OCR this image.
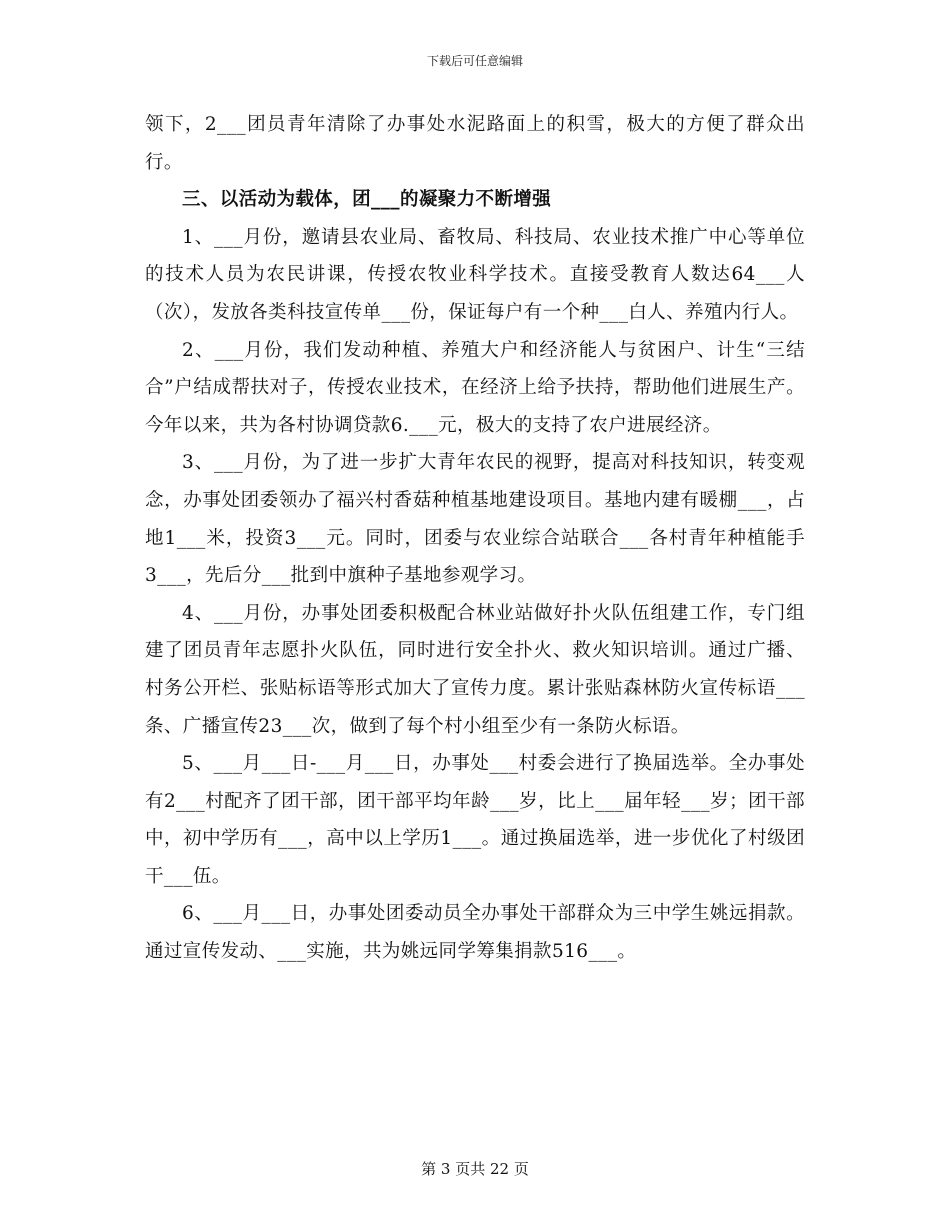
下载后可任意编辑

领下，2___团员青年清除了办事处水泥路面上的积雪，极大的方便了群众出行。

三、以活动为载体，团___的凝聚力不断增强

1、___月份，邀请县农业局、畜牧局、科技局、农业技术推广中心等单位的技术人员为农民讲课，传授农牧业科学技术。直接受教育人数达64___人（次），发放各类科技宣传单___份，保证每户有一个种___白人、养殖内行人。

2、___月份，我们发动种植、养殖大户和经济能人与贫困户、计生“三结合”户结成帮扶对子，传授农业技术，在经济上给予扶持，帮助他们进展生产。今年以来，共为各村协调贷款6.___元，极大的支持了农户进展经济。

3、___月份，为了进一步扩大青年农民的视野，提高对科技知识，转变观念，办事处团委领办了福兴村香菇种植基地建设项目。基地内建有暖棚___，占地1___米，投资3___元。同时，团委与农业综合站联合___各村青年种植能手3___，先后分___批到中旗种子基地参观学习。

4、___月份，办事处团委积极配合林业站做好扑火队伍组建工作，专门组建了团员青年志愿扑火队伍，同时进行安全扑火、救火知识培训。通过广播、村务公开栏、张贴标语等形式加大了宣传力度。累计张贴森林防火宣传标语___条、广播宣传23___次，做到了每个村小组至少有一条防火标语。

5、___月___日-___月___日，办事处___村委会进行了换届选举。全办事处有2___村配齐了团干部，团干部平均年龄___岁，比上___届年轻___岁；团干部中，初中学历有___，高中以上学历1___。通过换届选举，进一步优化了村级团干___伍。

6、___月___日，办事处团委动员全办事处干部群众为三中学生姚远捐款。通过宣传发动、___实施，共为姚远同学筹集捐款516___。

第 3 页共 22 页
